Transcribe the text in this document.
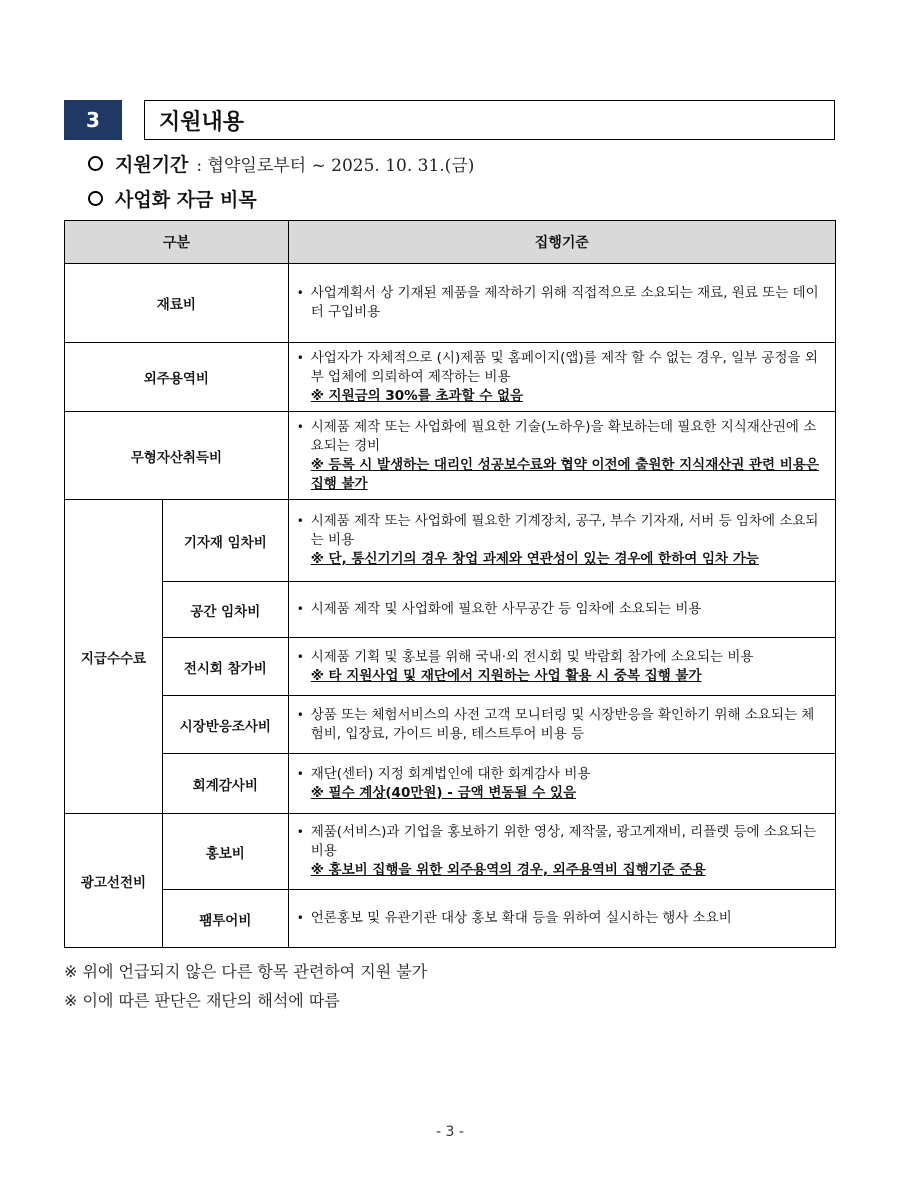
3	지원내용
지원기간 : 협약일로부터 ~ 2025. 10. 31.(금)
사업화 자금 비목
구분		집행기준
재료비		• 사업계획서 상 기재된 제품을 제작하기 위해 직접적으로 소요되는 재료, 원료 또는 데이터 구입비용

외주용역비		• 사업자가 자체적으로 (시)제품 및 홈페이지(앱)를 제작 할 수 없는 경우, 일부 공정을 외부 업체에 의뢰하여 제작하는 비용
※ 지원금의 30%를 초과할 수 없음

무형자산취득비		• 시제품 제작 또는 사업화에 필요한 기술(노하우)을 확보하는데 필요한 지식재산권에 소요되는 경비
※ 등록 시 발생하는 대리인 성공보수료와 협약 이전에 출원한 지식재산권 관련 비용은 집행 불가

지급수수료	기자재 임차비	• 시제품 제작 또는 사업화에 필요한 기계장치, 공구, 부수 기자재, 서버 등 임차에 소요되는 비용
※ 단, 통신기기의 경우 창업 과제와 연관성이 있는 경우에 한하여 임차 가능

	공간 임차비	• 시제품 제작 및 사업화에 필요한 사무공간 등 임차에 소요되는 비용

	전시회 참가비	• 시제품 기획 및 홍보를 위해 국내·외 전시회 및 박람회 참가에 소요되는 비용
※ 타 지원사업 및 재단에서 지원하는 사업 활용 시 중복 집행 불가

	시장반응조사비	• 상품 또는 체험서비스의 사전 고객 모니터링 및 시장반응을 확인하기 위해 소요되는 체험비, 입장료, 가이드 비용, 테스트투어 비용 등

	회계감사비	• 재단(센터) 지정 회계법인에 대한 회계감사 비용
※ 필수 계상(40만원) - 금액 변동될 수 있음

광고선전비	홍보비	• 제품(서비스)과 기업을 홍보하기 위한 영상, 제작물, 광고게재비, 리플렛 등에 소요되는 비용
※ 홍보비 집행을 위한 외주용역의 경우, 외주용역비 집행기준 준용

	팸투어비	• 언론홍보 및 유관기관 대상 홍보 확대 등을 위하여 실시하는 행사 소요비
※ 위에 언급되지 않은 다른 항목 관련하여 지원 불가
※ 이에 따른 판단은 재단의 해석에 따름
- 3 -
